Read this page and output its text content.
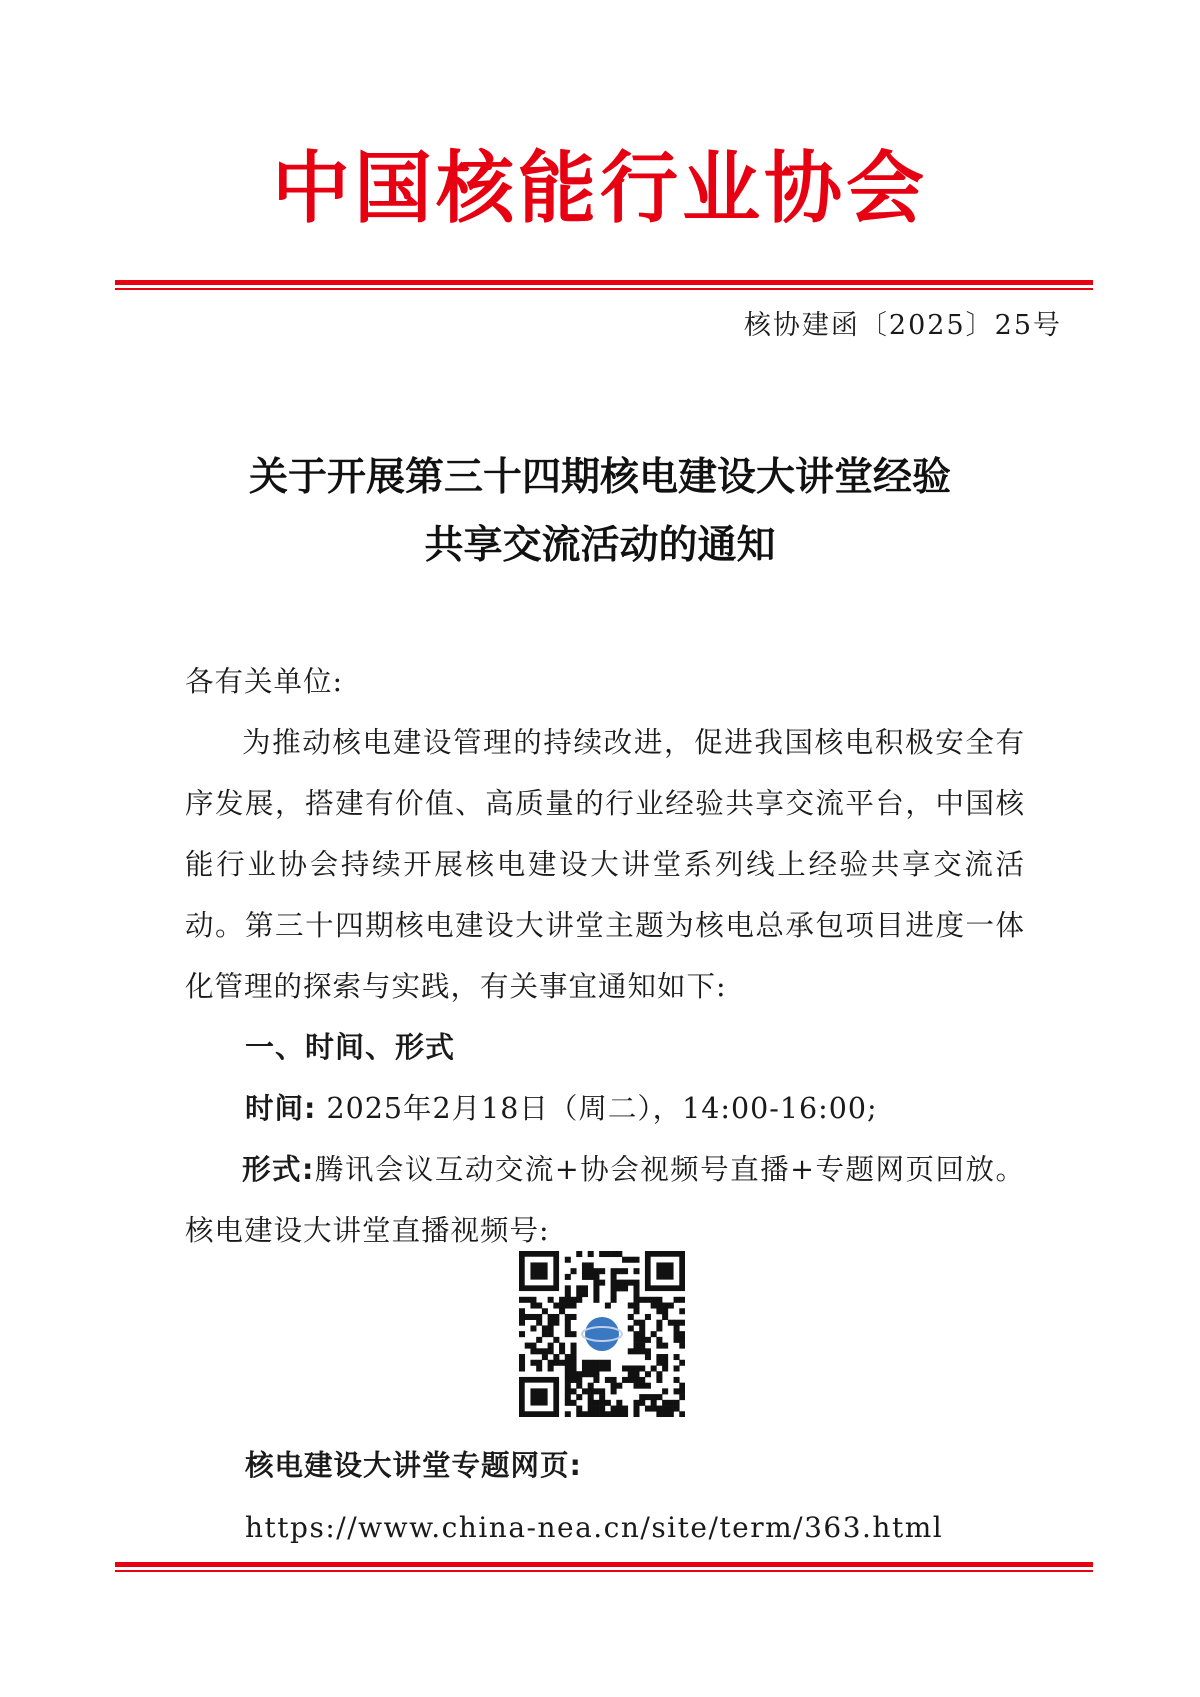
中国核能行业协会
核协建函〔2025〕25号
关于开展第三十四期核电建设大讲堂经验
共享交流活动的通知
各有关单位:
为推动核电建设管理的持续改进，促进我国核电积极安全有序发展，搭建有价值、高质量的行业经验共享交流平台，中国核能行业协会持续开展核电建设大讲堂系列线上经验共享交流活动。第三十四期核电建设大讲堂主题为核电总承包项目进度一体化管理的探索与实践，有关事宜通知如下:
一、时间、形式
时间: 2025年2月18日（周二），14:00-16:00;
形式:腾讯会议互动交流+协会视频号直播+专题网页回放。核电建设大讲堂直播视频号:
核电建设大讲堂专题网页:
https://www.china-nea.cn/site/term/363.html
